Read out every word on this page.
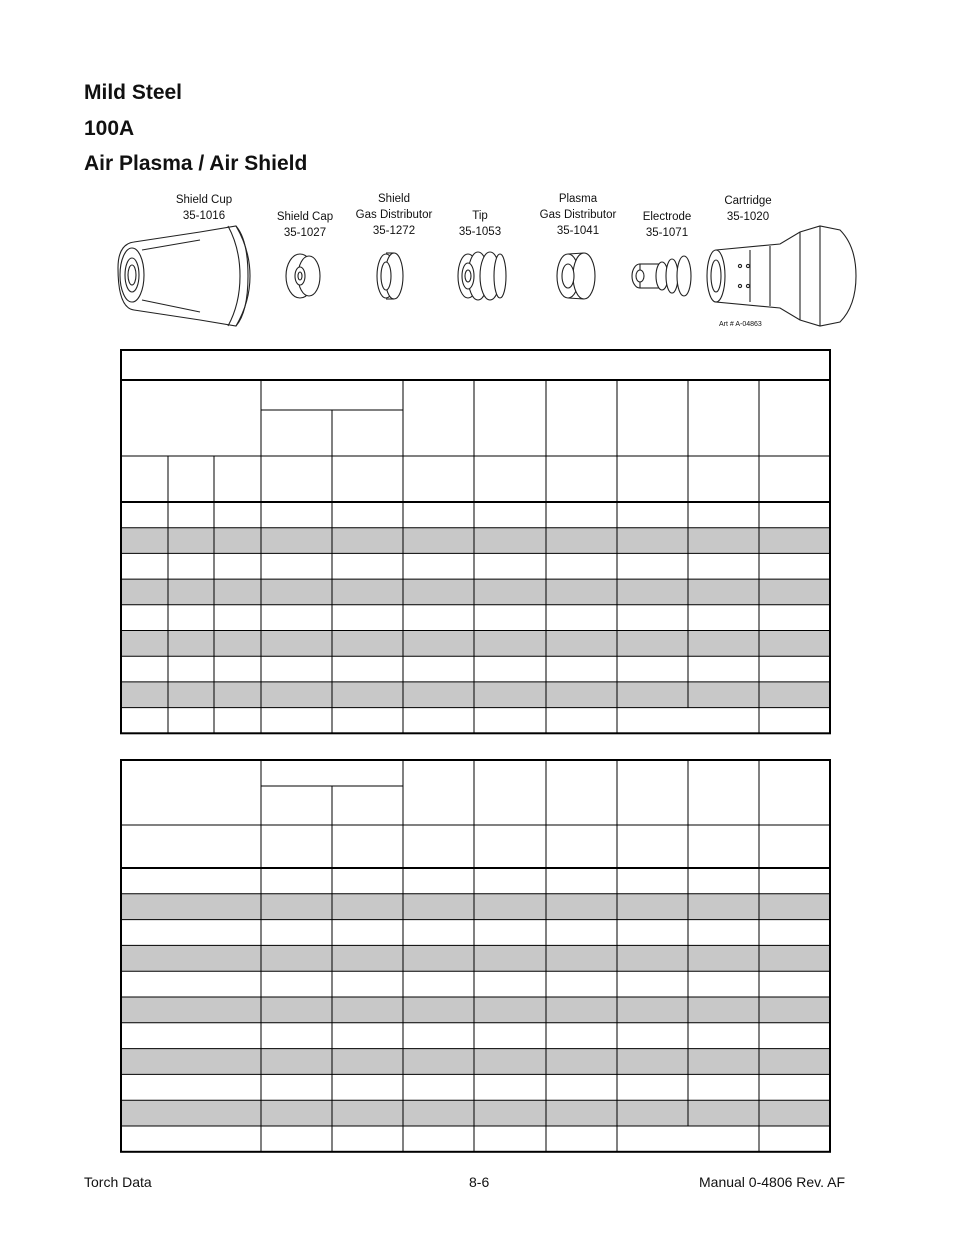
Mild Steel
100A
Air Plasma / Air Shield
Shield Cup
35-1016	Shield Cap
35-1027
Shield
Gas Distributor
35-1272
Tip
35-1053
Plasma
Gas Distributor
35-1041
Electrode
35-1071
Cartridge
35-1020
Art # A-04863
Torch Data	8-6	Manual 0-4806 Rev. AF
